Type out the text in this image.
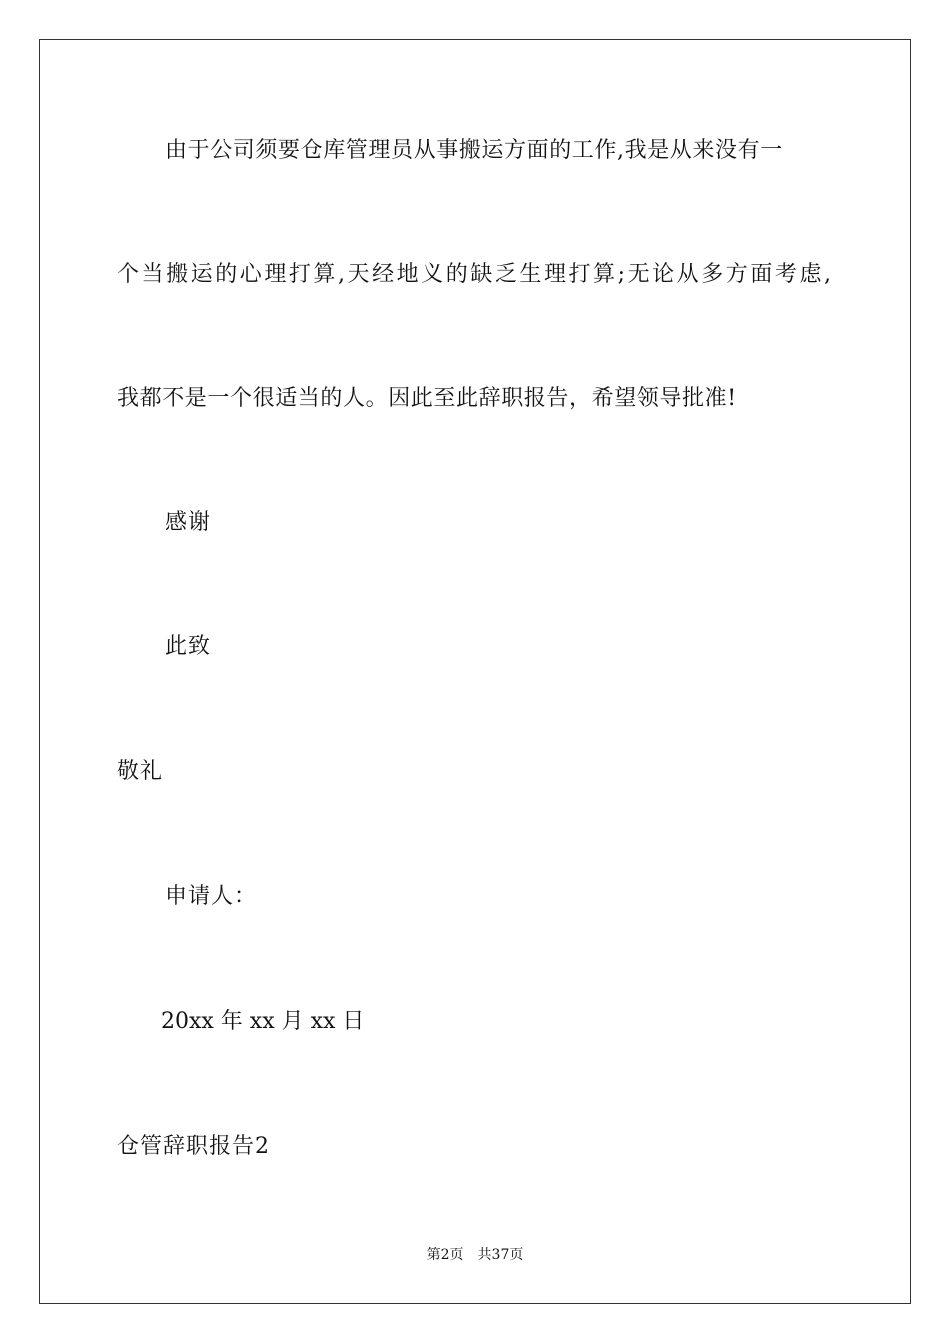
由于公司须要仓库管理员从事搬运方面的工作,我是从来没有一
个当搬运的心理打算,天经地义的缺乏生理打算;无论从多方面考虑,
我都不是一个很适当的人。因此至此辞职报告，希望领导批准!
感谢
此致
敬礼
申请人：
20xx 年 xx 月 xx 日
仓管辞职报告2
第2页 共37页
